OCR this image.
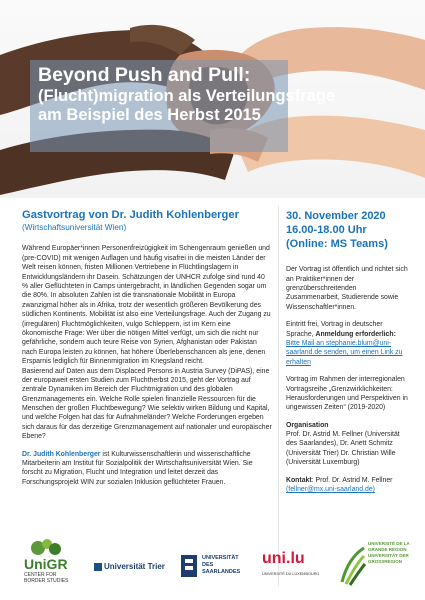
Beyond Push and Pull:
(Flucht)migration als Verteilungsfrage
am Beispiel des Herbst 2015
Gastvortrag von Dr. Judith Kohlenberger
(Wirtschaftsuniversität Wien)

Während Europäer*innen Personenfreizügigkeit im Schengenraum genießen und (pre-COVID) mit wenigen Auflagen und häufig visafrei in die meisten Länder der Welt reisen können, fristen Millionen Vertriebene in Flüchtlingslagern in Entwicklungsländern ihr Dasein. Schätzungen der UNHCR zufolge sind rund 40 % aller Geflüchteten in Camps untergebracht, in ländlichen Gegenden sogar um die 80%. In absoluten Zahlen ist die transnationale Mobilität in Europa zwanzigmal höher als in Afrika, trotz der wesentlich größeren Bevölkerung des südlichen Kontinents. Mobilität ist also eine Verteilungsfrage. Auch der Zugang zu (irregulären) Fluchtmöglichkeiten, vulgo Schleppern, ist im Kern eine ökonomische Frage: Wer über die nötigen Mittel verfügt, um sich die nicht nur gefährliche, sondern auch teure Reise von Syrien, Afghanistan oder Pakistan nach Europa leisten zu können, hat höhere Überlebenschancen als jene, denen Ersparnis lediglich für Binnenmigration im Kriegsland reicht.
Basierend auf Daten aus dem Displaced Persons in Austria Survey (DiPAS), eine der europaweit ersten Studien zum Fluchtherbst 2015, geht der Vortrag auf zentrale Dynamiken im Bereich der Fluchtmigration und des globalen Grenzmanagements ein. Welche Rolle spielen finanzielle Ressourcen für die Menschen der großen Fluchtbewegung? Wie selektiv wirken Bildung und Kapital, und welche Folgen hat das für Aufnahmeländer? Welche Forderungen ergeben sich daraus für das derzeitige Grenzmanagement auf nationaler und europäischer Ebene?

Dr. Judith Kohlenberger ist Kulturwissenschaftlerin und wissenschaftliche Mitarbeiterin am Institut für Sozialpolitik der Wirtschaftsuniversität Wien. Sie forscht zu Migration, Flucht und Integration und leitet derzeit das Forschungsprojekt WIN zur sozialen Inklusion geflüchteter Frauen.

30. November 2020
16.00-18.00 Uhr
(Online: MS Teams)

Der Vortrag ist öffentlich und richtet sich an Praktiker*innen der grenzüberschreitenden Zusammenarbeit, Studierende sowie Wissenschaftler*innen.

Eintritt frei, Vortrag in deutscher Sprache, Anmeldung erforderlich: Bitte Mail an stephanie.blum@uni-saarland.de senden, um einen Link zu erhalten

Vortrag im Rahmen der interregionalen Vortragsreihe „Grenzwirklichkeiten: Herausforderungen und Perspektiven in ungewissen Zeiten“ (2019-2020)

Organisation
Prof. Dr. Astrid M. Fellner (Universität des Saarlandes), Dr. Anett Schmitz (Universität Trier) Dr. Christian Wille (Universität Luxemburg)

Kontakt: Prof. Dr. Astrid M. Fellner (fellner@mx.uni-saarland.de)

UniGR
CENTER FOR
BORDER STUDIES
Universität Trier
UNIVERSITÄT
DES
SAARLANDES
uni.lu
UNIVERSITÉ DU LUXEMBOURG
UNIVERSITÉ DE LA
GRANDE RÉGION
UNIVERSITÄT DER
GROSSREGION
